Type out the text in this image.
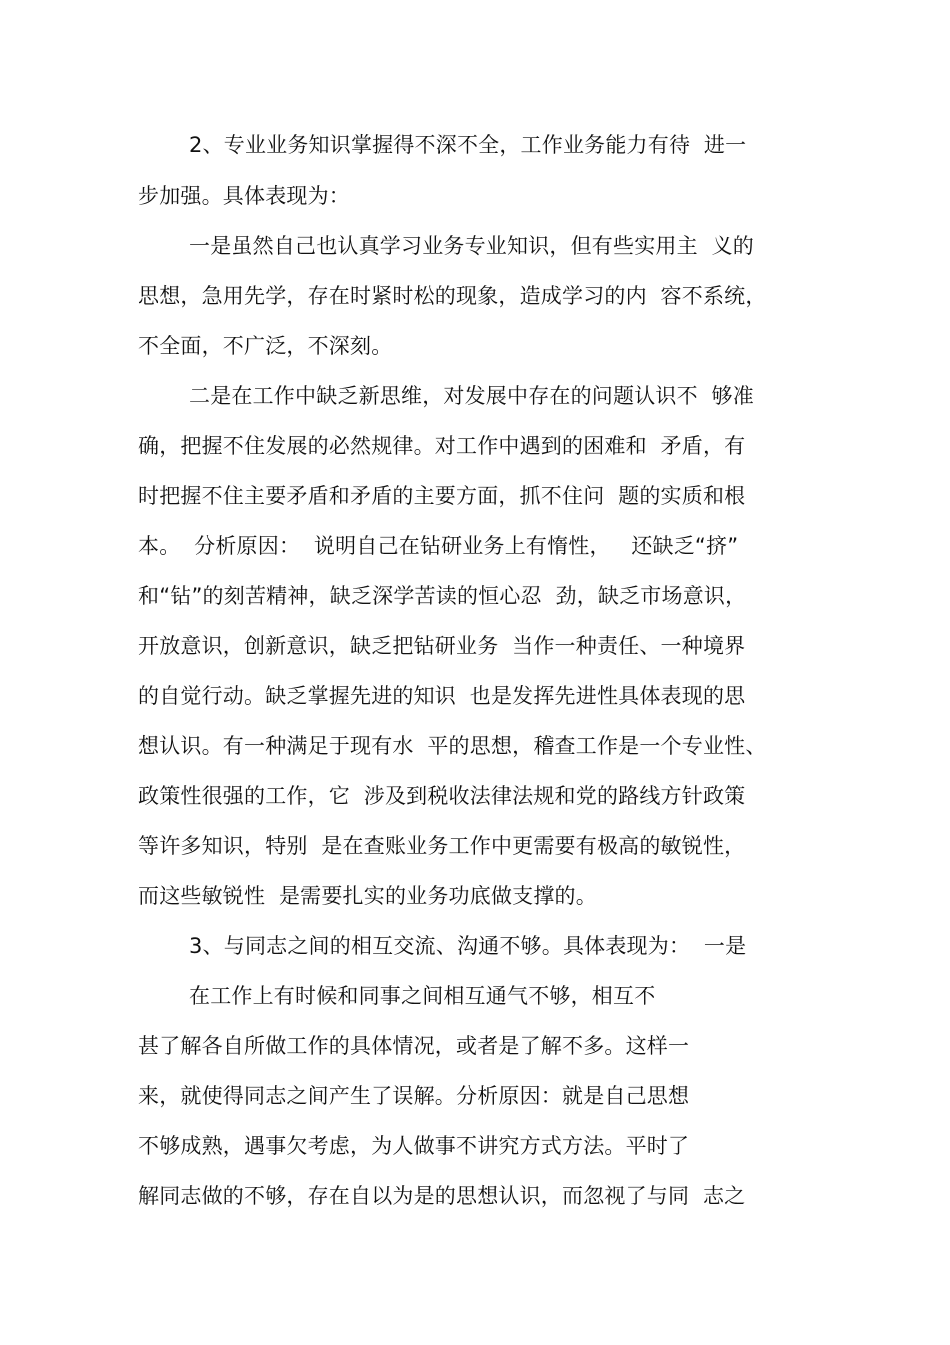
2、专业业务知识掌握得不深不全，工作业务能力有待  进一

步加强。具体表现为：

一是虽然自己也认真学习业务专业知识，但有些实用主  义的

思想，急用先学，存在时紧时松的现象，造成学习的内  容不系统，

不全面，不广泛，不深刻。

二是在工作中缺乏新思维，对发展中存在的问题认识不  够准

确，把握不住发展的必然规律。对工作中遇到的困难和  矛盾，有

时把握不住主要矛盾和矛盾的主要方面，抓不住问  题的实质和根

本。  分析原因：  说明自己在钻研业务上有惰性，   还缺乏“挤”

和“钻”的刻苦精神，缺乏深学苦读的恒心忍  劲，缺乏市场意识，

开放意识，创新意识，缺乏把钻研业务  当作一种责任、一种境界

的自觉行动。缺乏掌握先进的知识  也是发挥先进性具体表现的思

想认识。有一种满足于现有水  平的思想，稽查工作是一个专业性、

政策性很强的工作，它  涉及到税收法律法规和党的路线方针政策

等许多知识，特别  是在查账业务工作中更需要有极高的敏锐性，

而这些敏锐性  是需要扎实的业务功底做支撑的。

3、与同志之间的相互交流、沟通不够。具体表现为：  一是

在工作上有时候和同事之间相互通气不够，相互不

甚了解各自所做工作的具体情况，或者是了解不多。这样一

来，就使得同志之间产生了误解。分析原因：就是自己思想

不够成熟，遇事欠考虑，为人做事不讲究方式方法。平时了

解同志做的不够，存在自以为是的思想认识，而忽视了与同  志之
